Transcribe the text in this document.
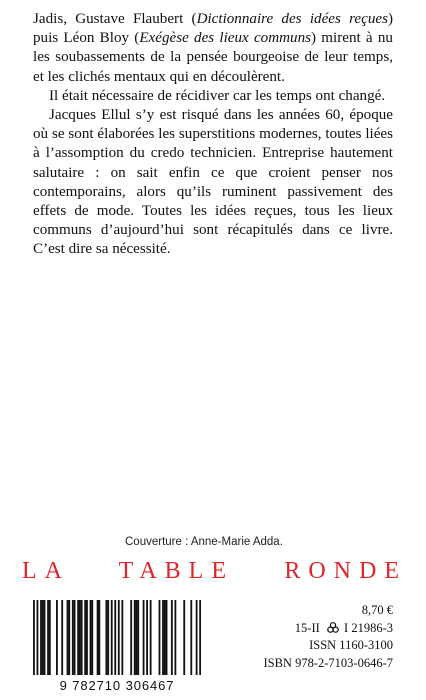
Jadis, Gustave Flaubert (Dictionnaire des idées reçues) puis Léon Bloy (Exégèse des lieux communs) mirent à nu les soubassements de la pensée bourgeoise de leur temps, et les clichés mentaux qui en découlèrent.

Il était nécessaire de récidiver car les temps ont changé.

Jacques Ellul s’y est risqué dans les années 60, époque où se sont élaborées les superstitions modernes, toutes liées à l’assomption du credo technicien. Entreprise hautement salutaire : on sait enfin ce que croient penser nos contemporains, alors qu’ils ruminent passivement des effets de mode. Toutes les idées reçues, tous les lieux communs d’aujourd’hui sont récapitulés dans ce livre. C’est dire sa nécessité.

Couverture : Anne-Marie Adda.
LA TABLE RONDE
9 782710 306467
8,70 €
15-II I 21986-3
ISSN 1160-3100
ISBN 978-2-7103-0646-7
